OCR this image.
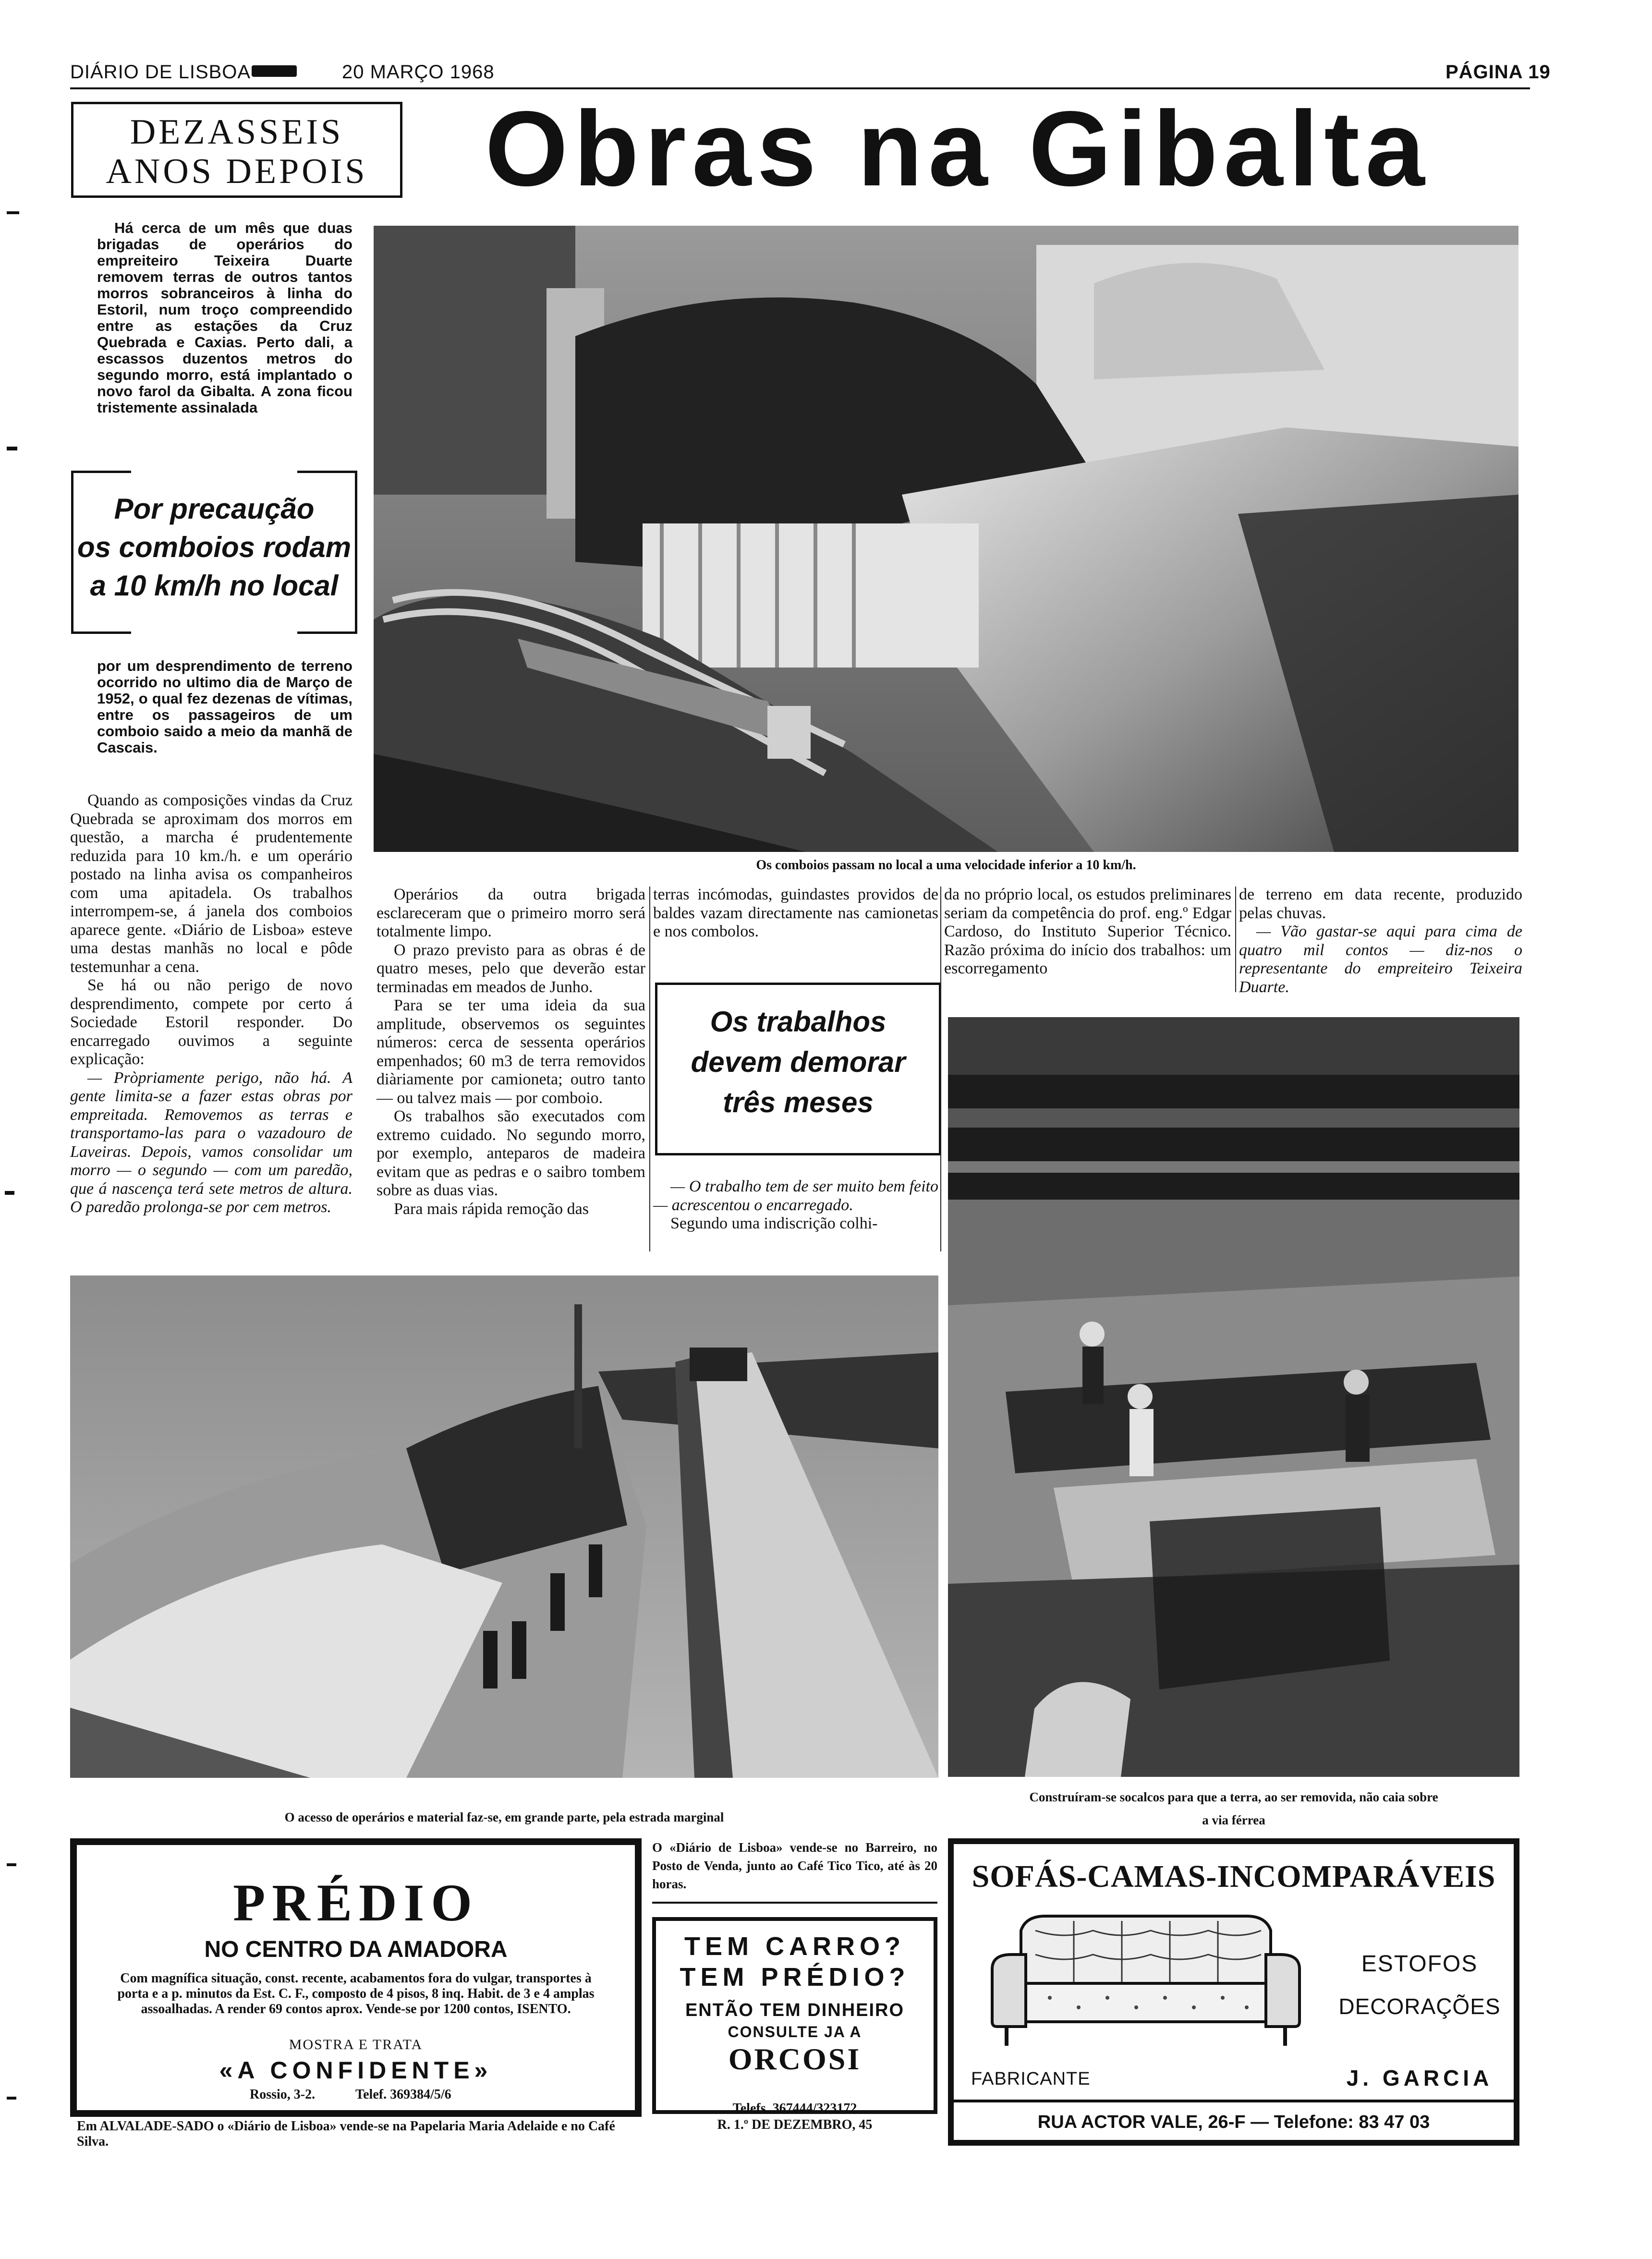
DIÁRIO DE LISBOA	20 MARÇO 1968	PÁGINA 19
DEZASSEIS
ANOS DEPOIS	Obras na Gibalta

Há cerca de um mês que duas brigadas de operários do empreiteiro Teixeira Duarte removem terras de outros tantos morros sobranceiros à linha do Estoril, num troço compreendido entre as estações da Cruz Quebrada e Caxias. Perto dali, a escassos duzentos metros do segundo morro, está implantado o novo farol da Gibalta. A zona ficou tristemente assinalada

Por precaução
os comboios rodam
a 10 km/h no local

por um desprendimento de terreno ocorrido no ultimo dia de Março de 1952, o qual fez dezenas de vítimas, entre os passageiros de um comboio saido a meio da manhã de Cascais.

Quando as composições vindas da Cruz Quebrada se aproximam dos morros em questão, a marcha é prudentemente reduzida para 10 km./h. e um operário postado na linha avisa os companheiros com uma apitadela. Os trabalhos interrompem-se, á janela dos comboios aparece gente. «Diário de Lisboa» esteve uma destas manhãs no local e pôde testemunhar a cena.

Se há ou não perigo de novo desprendimento, compete por certo á Sociedade Estoril responder. Do encarregado ouvimos a seguinte explicação:

— Pròpriamente perigo, não há. A gente limita-se a fazer estas obras por empreitada. Removemos as terras e transportamo-las para o vazadouro de Laveiras. Depois, vamos consolidar um morro — o segundo — com um paredão, que á nascença terá sete metros de altura. O paredão prolonga-se por cem metros.

Os comboios passam no local a uma velocidade inferior a 10 km/h.

Operários da outra brigada esclareceram que o primeiro morro será totalmente limpo.

O prazo previsto para as obras é de quatro meses, pelo que deverão estar terminadas em meados de Junho.

Para se ter uma ideia da sua amplitude, observemos os seguintes números: cerca de sessenta operários empenhados; 60 m3 de terra removidos diàriamente por camioneta; outro tanto — ou talvez mais — por comboio.

Os trabalhos são executados com extremo cuidado. No segundo morro, por exemplo, anteparos de madeira evitam que as pedras e o saibro tombem sobre as duas vias.

Para mais rápida remoção das

terras incómodas, guindastes providos de baldes vazam directamente nas camionetas e nos combolos.

Os trabalhos
devem demorar
três meses

— O trabalho tem de ser muito bem feito — acrescentou o encarregado.

Segundo uma indiscrição colhi-

da no próprio local, os estudos preliminares seriam da competência do prof. eng.º Edgar Cardoso, do Instituto Superior Técnico. Razão próxima do início dos trabalhos: um escorregamento

de terreno em data recente, produzido pelas chuvas.

— Vão gastar-se aqui para cima de quatro mil contos — diz-nos o representante do empreiteiro Teixeira Duarte.

O acesso de operários e material faz-se, em grande parte, pela estrada marginal
Construíram-se socalcos para que a terra, ao ser removida, não caia sobre
a via férrea
PRÉDIO
NO CENTRO DA AMADORA
Com magnífica situação, const. recente, acabamentos fora do vulgar, transportes à porta e a p. minutos da Est. C. F., composto de 4 pisos, 8 inq. Habit. de 3 e 4 amplas assoalhadas. A render 69 contos aprox. Vende-se por 1200 contos, ISENTO.
MOSTRA E TRATA
«A CONFIDENTE»
Rossio, 3-2.	Telef. 369384/5/6
Em ALVALADE-SADO o «Diário de Lisboa» vende-se na Papelaria Maria Adelaide e no Café Silva.
O «Diário de Lisboa» vende-se no Barreiro, no Posto de Venda, junto ao Café Tico Tico, até às 20 horas.
TEM CARRO?
TEM PRÉDIO?
ENTÃO TEM DINHEIRO
CONSULTE JA A
ORCOSI
Telefs. 367444/323172
R. 1.º DE DEZEMBRO, 45
SOFÁS-CAMAS-INCOMPARÁVEIS
ESTOFOS
DECORAÇÕES
FABRICANTE	J. GARCIA
RUA ACTOR VALE, 26-F — Telefone: 83 47 03
